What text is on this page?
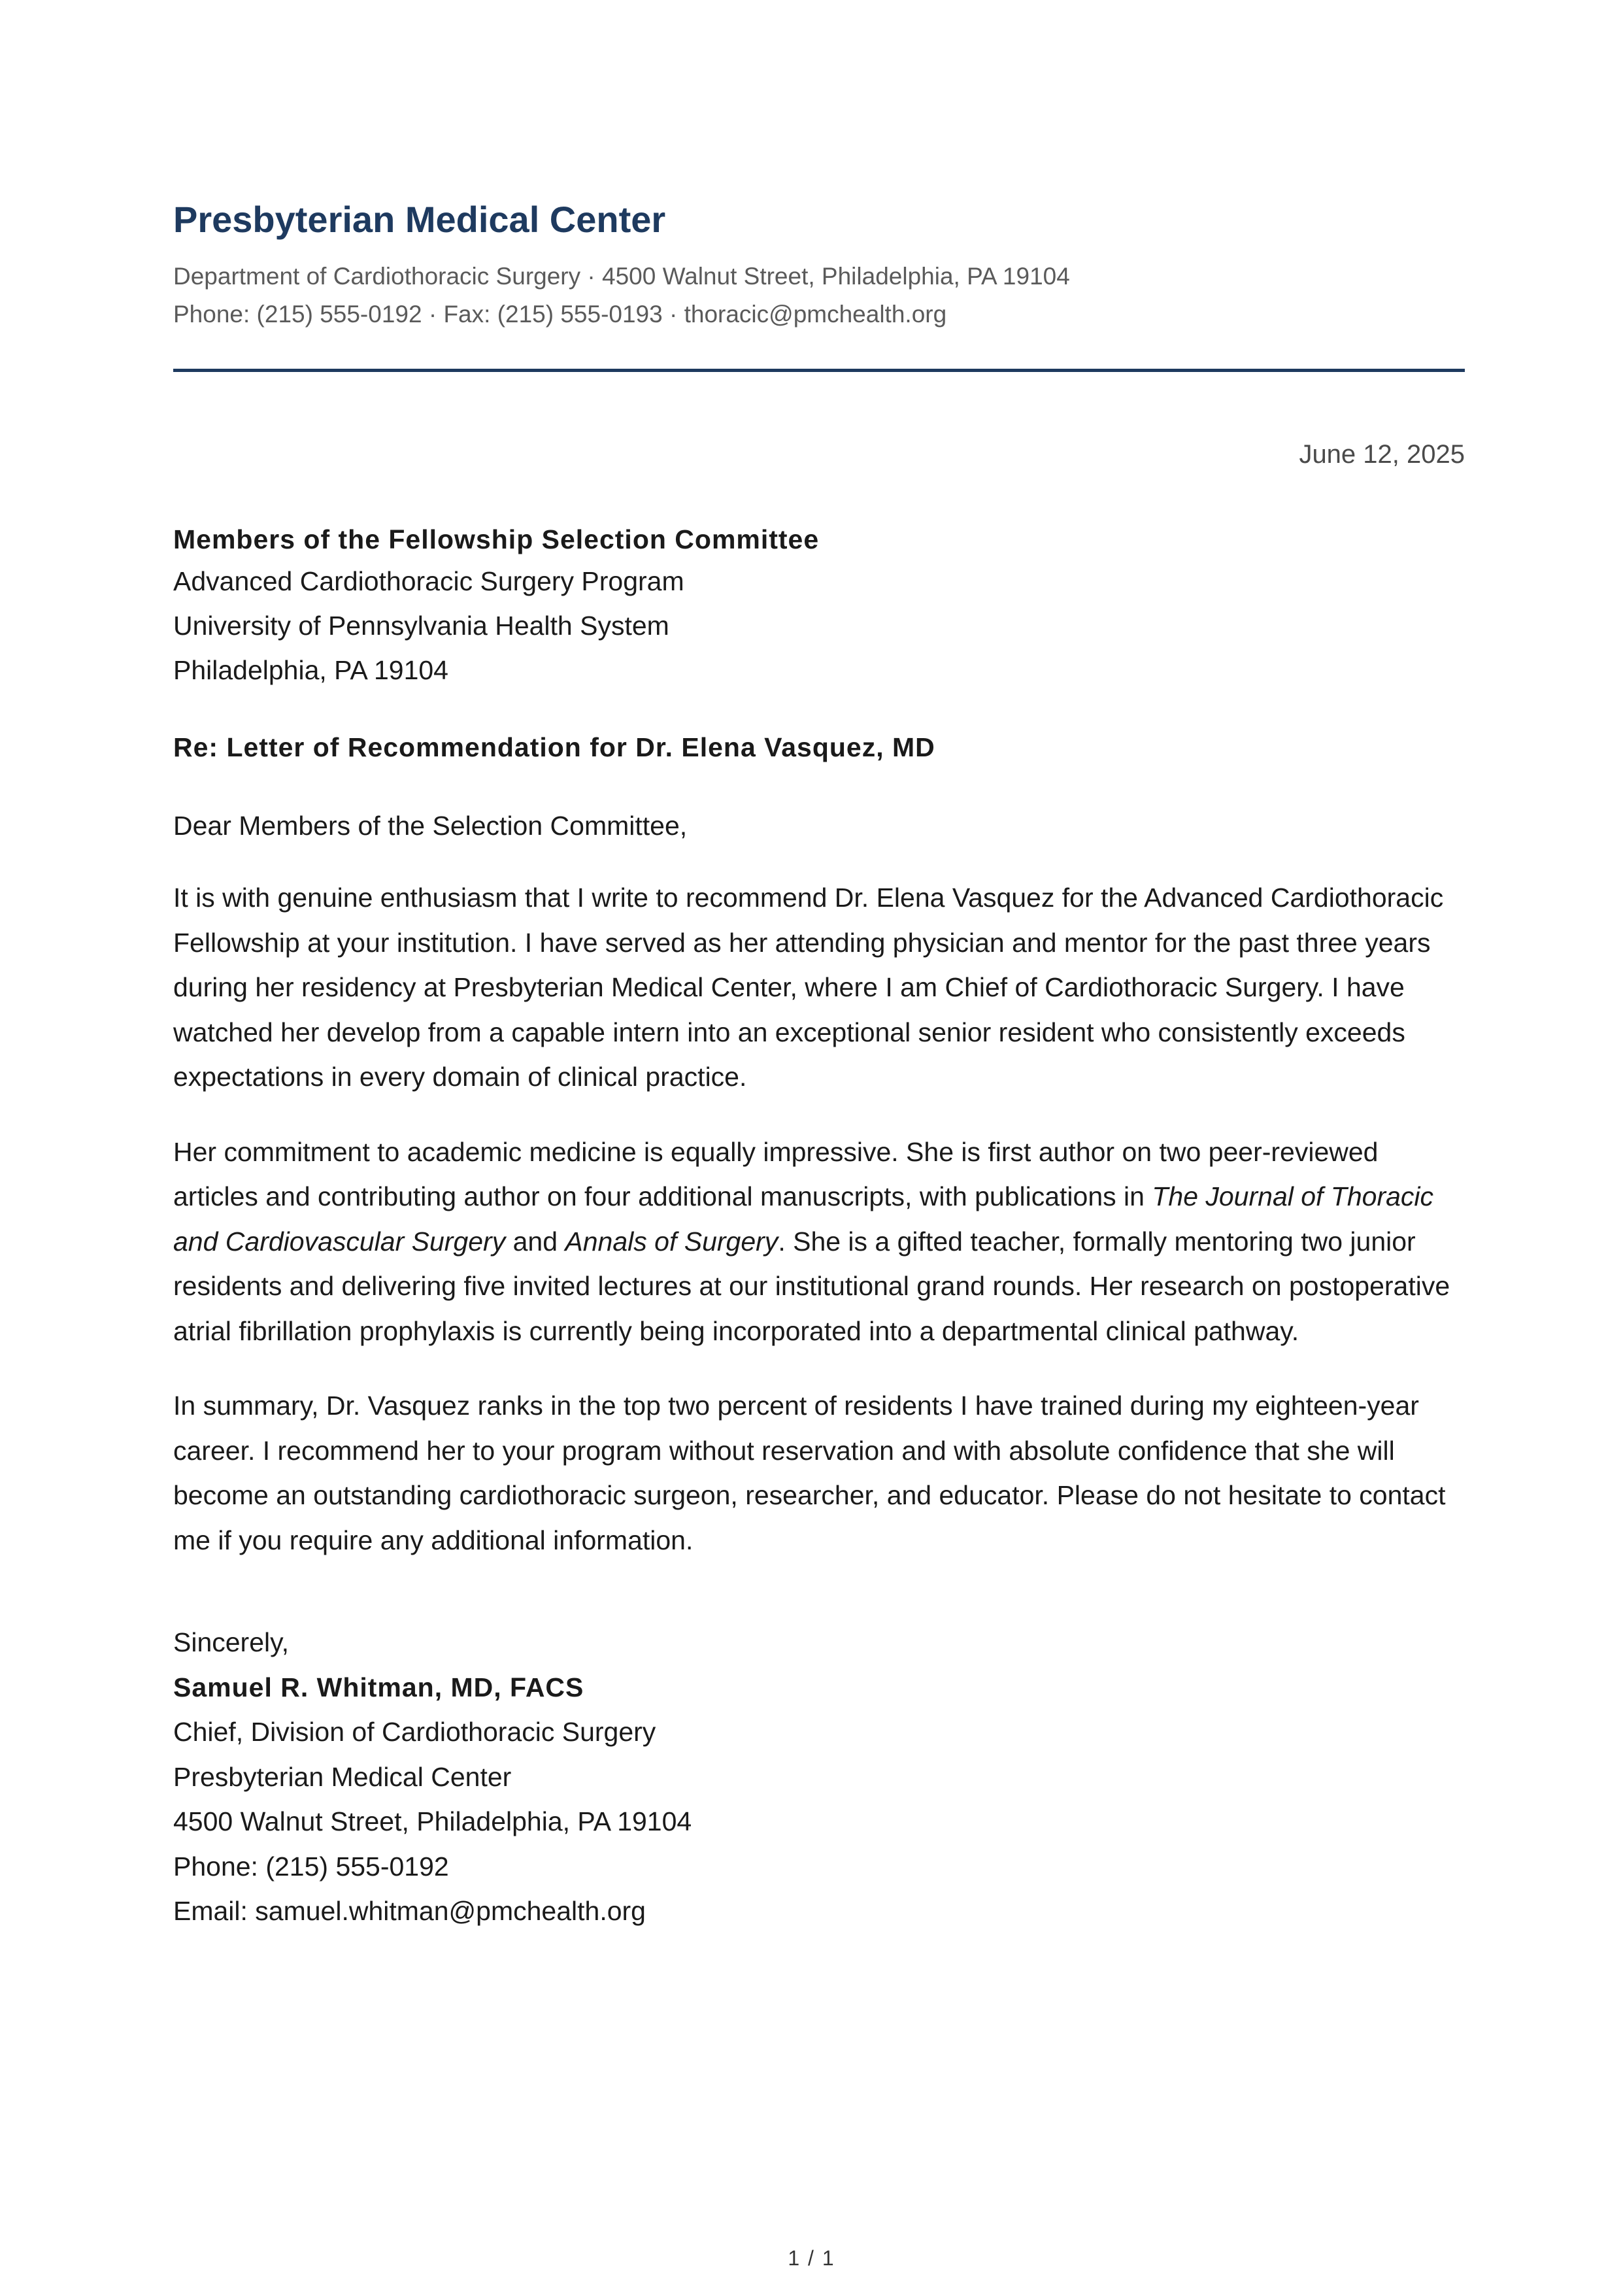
Presbyterian Medical Center

Department of Cardiothoracic Surgery · 4500 Walnut Street, Philadelphia, PA 19104

Phone: (215) 555-0192 · Fax: (215) 555-0193 · thoracic@pmchealth.org

June 12, 2025
Members of the Fellowship Selection Committee
Advanced Cardiothoracic Surgery Program
University of Pennsylvania Health System
Philadelphia, PA 19104
Re: Letter of Recommendation for Dr. Elena Vasquez, MD
Dear Members of the Selection Committee,
It is with genuine enthusiasm that I write to recommend Dr. Elena Vasquez for the Advanced Cardiothoracic Fellowship at your institution. I have served as her attending physician and mentor for the past three years during her residency at Presbyterian Medical Center, where I am Chief of Cardiothoracic Surgery. I have watched her develop from a capable intern into an exceptional senior resident who consistently exceeds expectations in every domain of clinical practice.
Her commitment to academic medicine is equally impressive. She is first author on two peer-reviewed articles and contributing author on four additional manuscripts, with publications in The Journal of Thoracic and Cardiovascular Surgery and Annals of Surgery. She is a gifted teacher, formally mentoring two junior residents and delivering five invited lectures at our institutional grand rounds. Her research on postoperative atrial fibrillation prophylaxis is currently being incorporated into a departmental clinical pathway.
In summary, Dr. Vasquez ranks in the top two percent of residents I have trained during my eighteen-year career. I recommend her to your program without reservation and with absolute confidence that she will become an outstanding cardiothoracic surgeon, researcher, and educator. Please do not hesitate to contact me if you require any additional information.
Sincerely,
Samuel R. Whitman, MD, FACS
Chief, Division of Cardiothoracic Surgery
Presbyterian Medical Center
4500 Walnut Street, Philadelphia, PA 19104
Phone: (215) 555-0192
Email: samuel.whitman@pmchealth.org
1 / 1
